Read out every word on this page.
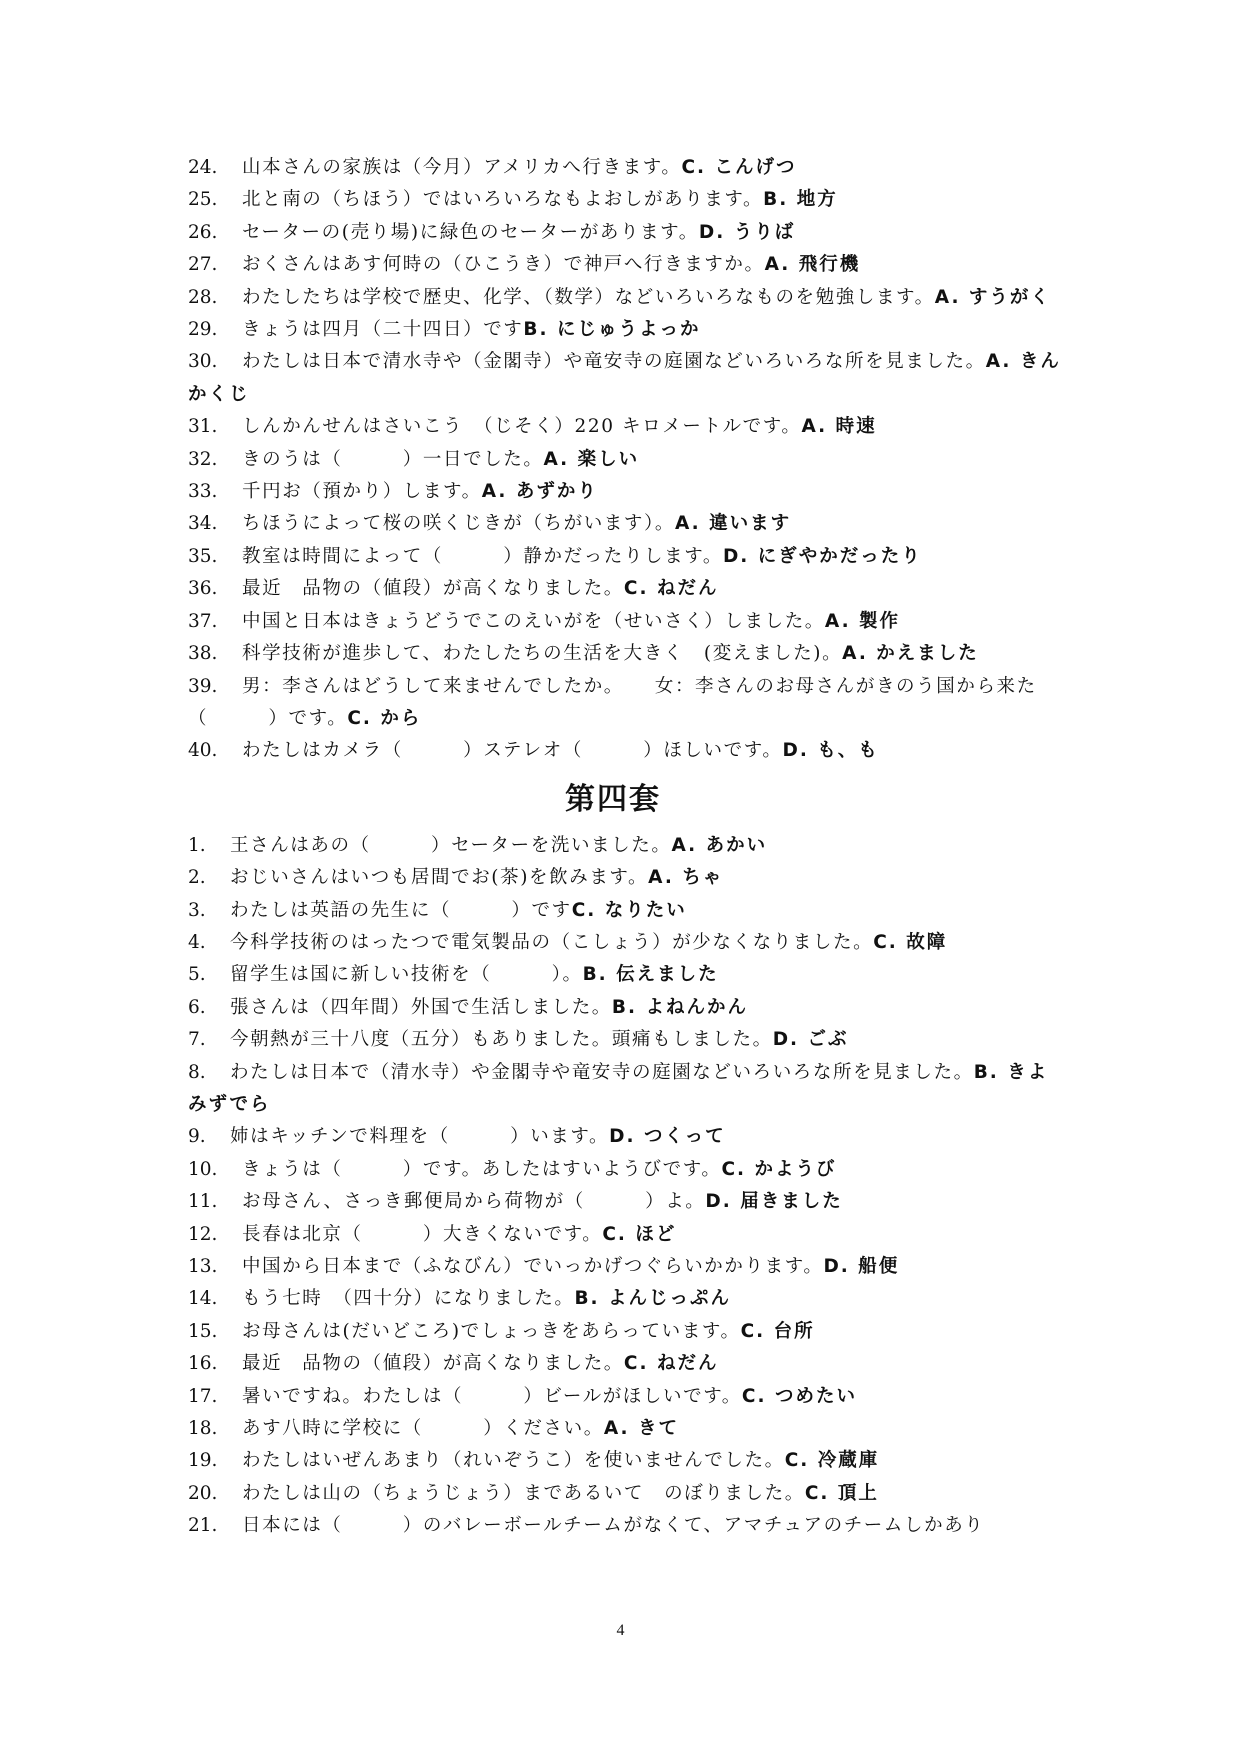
24. 山本さんの家族は（今月）アメリカへ行きます。C. こんげつ
25. 北と南の（ちほう）ではいろいろなもよおしがあります。B. 地方
26. セーターの(売り場)に緑色のセーターがあります。D. うりば
27. おくさんはあす何時の（ひこうき）で神戸へ行きますか。A. 飛行機
28. わたしたちは学校で歴史、化学、（数学）などいろいろなものを勉強します。A. すうがく
29. きょうは四月（二十四日）ですB. にじゅうよっか
30. わたしは日本で清水寺や（金閣寺）や竜安寺の庭園などいろいろな所を見ました。A. きんかくじ
31. しんかんせんはさいこう　（じそく）220 キロメートルです。A. 時速
32. きのうは（　　　）一日でした。A. 楽しい
33. 千円お（預かり）します。A. あずかり
34. ちほうによって桜の咲くじきが（ちがいます）。A. 違います
35. 教室は時間によって（　　　）静かだったりします。D. にぎやかだったり
36. 最近　品物の（値段）が高くなりました。C. ねだん
37. 中国と日本はきょうどうでこのえいがを（せいさく）しました。A. 製作
38. 科学技術が進歩して、わたしたちの生活を大きく　(変えました)。A. かえました
39. 男：李さんはどうして来ませんでしたか。　　女：李さんのお母さんがきのう国から来た（　　　）です。C. から
40. わたしはカメラ（　　　）ステレオ（　　　）ほしいです。D. も、も
第四套
1. 王さんはあの（　　　）セーターを洗いました。A. あかい
2. おじいさんはいつも居間でお(茶)を飲みます。A. ちゃ
3. わたしは英語の先生に（　　　）ですC. なりたい
4. 今科学技術のはったつで電気製品の（こしょう）が少なくなりました。C. 故障
5. 留学生は国に新しい技術を（　　　）。B. 伝えました
6. 張さんは（四年間）外国で生活しました。B. よねんかん
7. 今朝熱が三十八度（五分）もありました。頭痛もしました。D. ごぶ
8. わたしは日本で（清水寺）や金閣寺や竜安寺の庭園などいろいろな所を見ました。B. きよみずでら
9. 姉はキッチンで料理を（　　　）います。D. つくって
10. きょうは（　　　）です。あしたはすいようびです。C. かようび
11. お母さん、さっき郵便局から荷物が（　　　）よ。D. 届きました
12. 長春は北京（　　　）大きくないです。C. ほど
13. 中国から日本まで（ふなびん）でいっかげつぐらいかかります。D. 船便
14. もう七時　（四十分）になりました。B. よんじっぷん
15. お母さんは(だいどころ)でしょっきをあらっています。C. 台所
16. 最近　品物の（値段）が高くなりました。C. ねだん
17. 暑いですね。わたしは（　　　）ビールがほしいです。C. つめたい
18. あす八時に学校に（　　　）ください。A. きて
19. わたしはいぜんあまり（れいぞうこ）を使いませんでした。C. 冷蔵庫
20. わたしは山の（ちょうじょう）まであるいて　のぼりました。C. 頂上
21. 日本には（　　　）のバレーボールチームがなくて、アマチュアのチームしかあり
4
